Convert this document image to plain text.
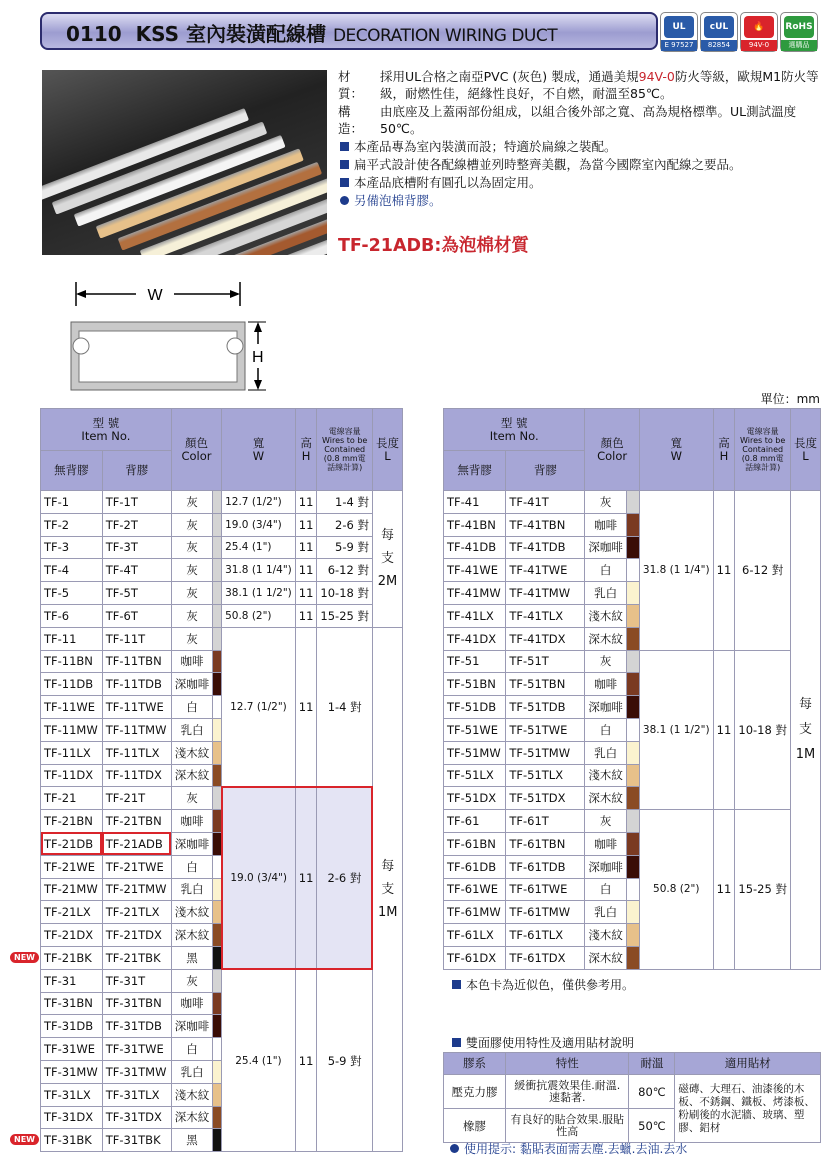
0110 KSS 室內裝潢配線槽 DECORATION WIRING DUCT	UL
E 97527
cUL
82854
🔥
94V-0
RoHS
選購品
材　質：
採用UL合格之南亞PVC (灰色) 製成，通過美規94V-0防火等級，歐規M1防火等級，耐燃性佳，絕緣性良好，不自燃，耐溫至85℃。
構　造：
由底座及上蓋兩部份組成，以組合後外部之寬、高為規格標準。UL測試溫度50℃。
本產品專為室內裝潢而設；特適於扁線之裝配。
扁平式設計使各配線槽並列時整齊美觀，為當今國際室內配線之要品。
本產品底槽附有圓孔以為固定用。
另備泡棉背膠。
TF-21ADB:為泡棉材質
W
H
單位：mm
型 號
Item No.		顏色
Color		寬
W	高
H	電線容量
Wires to be
Contained
(0.8 mm電
話線計算)	長度
L
無背膠	背膠						
TF-1	TF-1T	灰		12.7 (1/2")	11	1-4 對	每
支
2M

TF-2	TF-2T	灰		19.0 (3/4")	11	2-6 對	
TF-3	TF-3T	灰		25.4 (1")	11	5-9 對	
TF-4	TF-4T	灰		31.8 (1 1/4")	11	6-12 對	
TF-5	TF-5T	灰		38.1 (1 1/2")	11	10-18 對	
TF-6	TF-6T	灰		50.8 (2")	11	15-25 對	
TF-11	TF-11T	灰		12.7 (1/2")	11	1-4 對	每
支
1M

TF-11BN	TF-11TBN	咖啡					
TF-11DB	TF-11TDB	深咖啡					
TF-11WE	TF-11TWE	白					
TF-11MW	TF-11TMW	乳白					
TF-11LX	TF-11TLX	淺木紋					
TF-11DX	TF-11TDX	深木紋					
TF-21	TF-21T	灰		19.0 (3/4")	11	2-6 對	
TF-21BN	TF-21TBN	咖啡					
TF-21DB	TF-21ADB	深咖啡					
TF-21WE	TF-21TWE	白					
TF-21MW	TF-21TMW	乳白					
TF-21LX	TF-21TLX	淺木紋					
TF-21DX	TF-21TDX	深木紋					
TF-21BK	TF-21TBK	黑					
TF-31	TF-31T	灰		25.4 (1")	11	5-9 對	
TF-31BN	TF-31TBN	咖啡					
TF-31DB	TF-31TDB	深咖啡					
TF-31WE	TF-31TWE	白					
TF-31MW	TF-31TMW	乳白					
TF-31LX	TF-31TLX	淺木紋					
TF-31DX	TF-31TDX	深木紋					
TF-31BK	TF-31TBK	黑					
型 號
Item No.		顏色
Color		寬
W	高
H	電線容量
Wires to be
Contained
(0.8 mm電
話線計算)	長度
L
無背膠	背膠						
TF-41	TF-41T	灰		31.8 (1 1/4")	11	6-12 對	每
支
1M

TF-41BN	TF-41TBN	咖啡					
TF-41DB	TF-41TDB	深咖啡					
TF-41WE	TF-41TWE	白					
TF-41MW	TF-41TMW	乳白					
TF-41LX	TF-41TLX	淺木紋					
TF-41DX	TF-41TDX	深木紋					
TF-51	TF-51T	灰		38.1 (1 1/2")	11	10-18 對	
TF-51BN	TF-51TBN	咖啡					
TF-51DB	TF-51TDB	深咖啡					
TF-51WE	TF-51TWE	白					
TF-51MW	TF-51TMW	乳白					
TF-51LX	TF-51TLX	淺木紋					
TF-51DX	TF-51TDX	深木紋					
TF-61	TF-61T	灰		50.8 (2")	11	15-25 對	
TF-61BN	TF-61TBN	咖啡					
TF-61DB	TF-61TDB	深咖啡					
TF-61WE	TF-61TWE	白					
TF-61MW	TF-61TMW	乳白					
TF-61LX	TF-61TLX	淺木紋					
TF-61DX	TF-61TDX	深木紋					
本色卡為近似色，僅供參考用。
雙面膠使用特性及適用貼材說明
膠系	特性	耐溫	適用貼材
壓克力膠	緩衝抗震效果佳.耐溫.速黏著.	80℃	磁磚、大理石、油漆後的木板、不銹鋼、鐵板、烤漆板、粉刷後的水泥牆、玻璃、塑膠、鋁材
橡膠	有良好的貼合效果.服貼性高	50℃	
使用提示: 黏貼表面需去塵.去蠟.去油.去水
NEW
NEW
